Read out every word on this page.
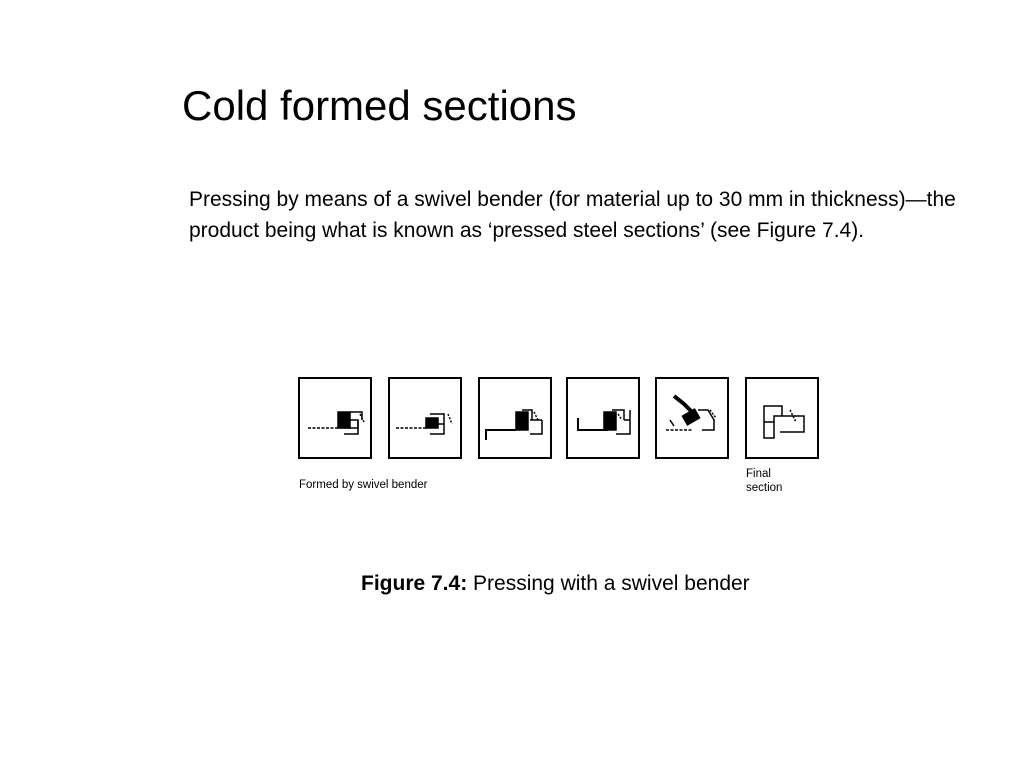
Cold formed sections

Pressing by means of a swivel bender (for material up to 30 mm in thickness)—the product being what is known as ‘pressed steel sections’ (see Figure 7.4).

Formed by swivel bender
Final
section

Figure 7.4: Pressing with a swivel bender
